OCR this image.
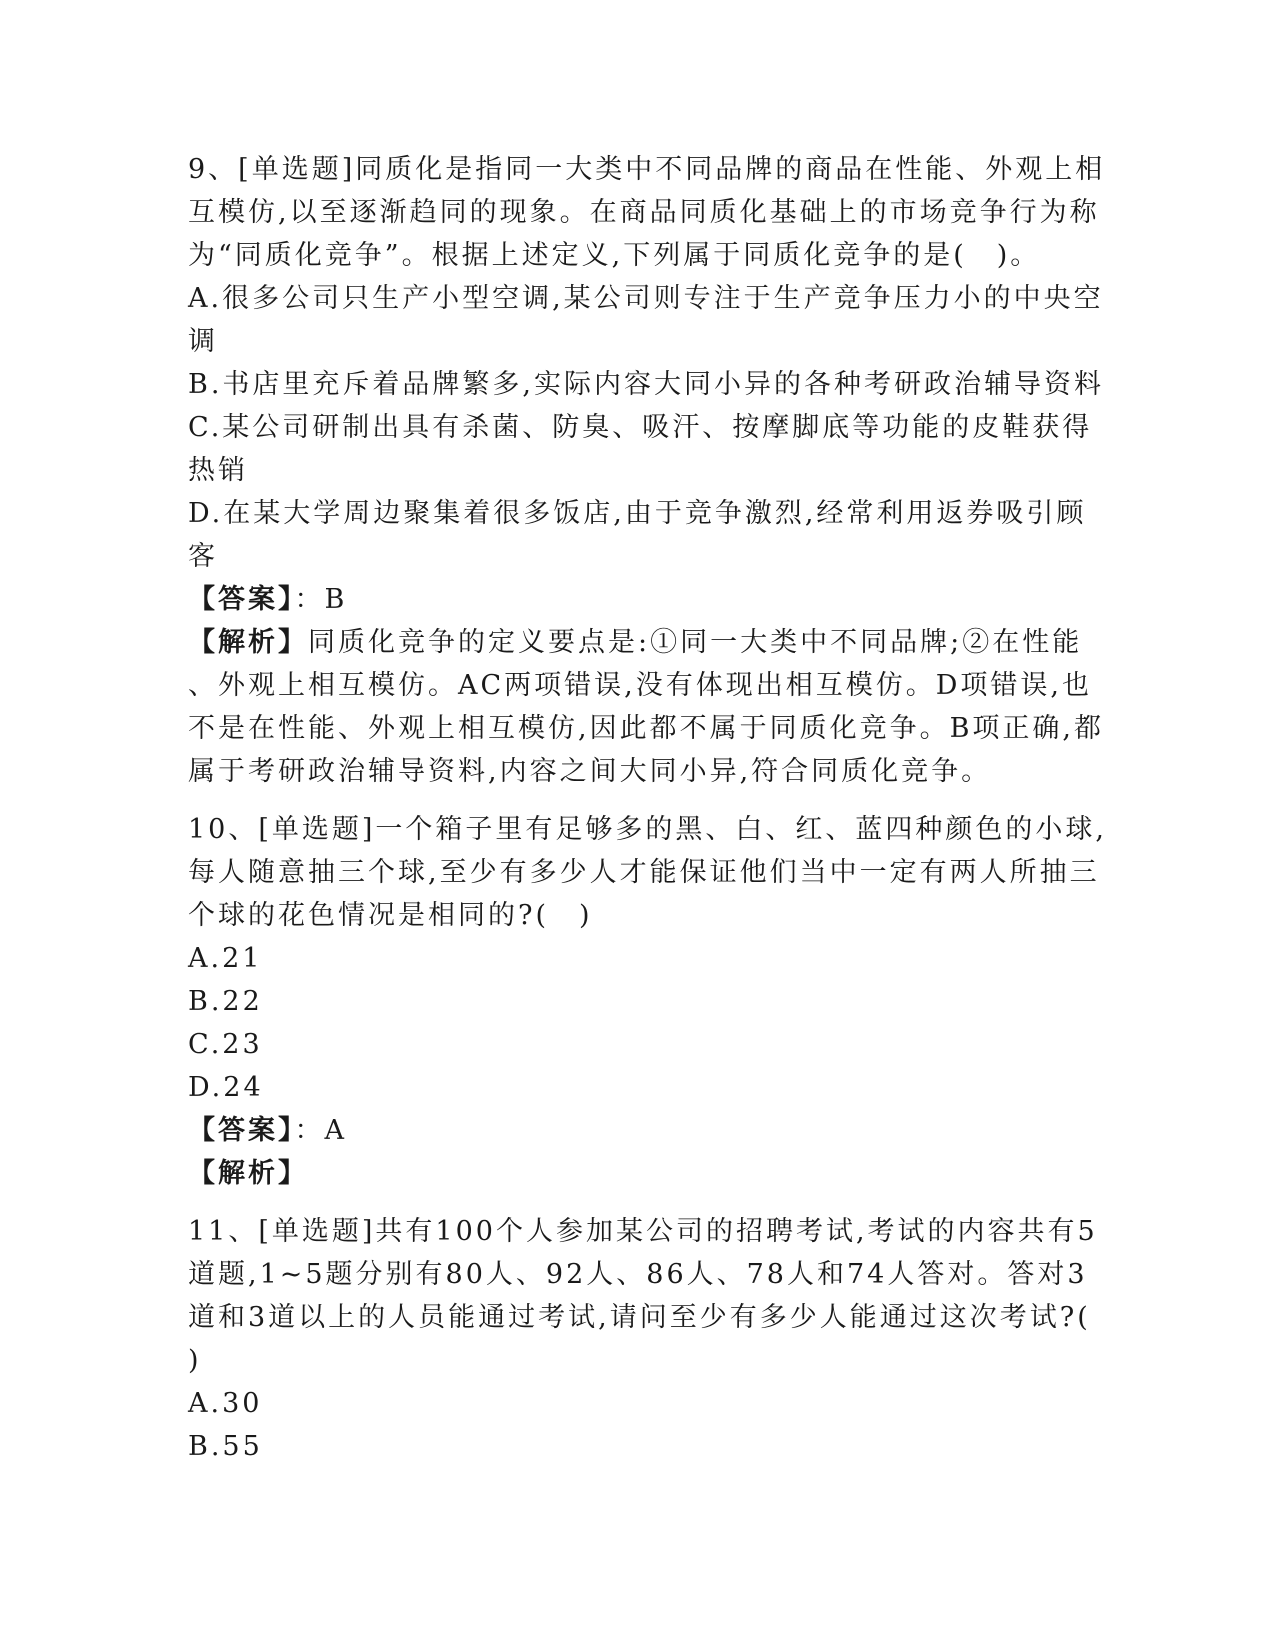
9、[单选题]同质化是指同一大类中不同品牌的商品在性能、外观上相

互模仿,以至逐渐趋同的现象。在商品同质化基础上的市场竞争行为称

为“同质化竞争”。根据上述定义,下列属于同质化竞争的是(　)。

A.很多公司只生产小型空调,某公司则专注于生产竞争压力小的中央空

调

B.书店里充斥着品牌繁多,实际内容大同小异的各种考研政治辅导资料

C.某公司研制出具有杀菌、防臭、吸汗、按摩脚底等功能的皮鞋获得

热销

D.在某大学周边聚集着很多饭店,由于竞争激烈,经常利用返券吸引顾

客

【答案】：B

【解析】同质化竞争的定义要点是:①同一大类中不同品牌;②在性能

、外观上相互模仿。AC两项错误,没有体现出相互模仿。D项错误,也

不是在性能、外观上相互模仿,因此都不属于同质化竞争。B项正确,都

属于考研政治辅导资料,内容之间大同小异,符合同质化竞争。

10、[单选题]一个箱子里有足够多的黑、白、红、蓝四种颜色的小球,

每人随意抽三个球,至少有多少人才能保证他们当中一定有两人所抽三

个球的花色情况是相同的?(　)

A.21

B.22

C.23

D.24

【答案】：A

【解析】

11、[单选题]共有100个人参加某公司的招聘考试,考试的内容共有5

道题,1~5题分别有80人、92人、86人、78人和74人答对。答对3

道和3道以上的人员能通过考试,请问至少有多少人能通过这次考试?(

)

A.30

B.55
